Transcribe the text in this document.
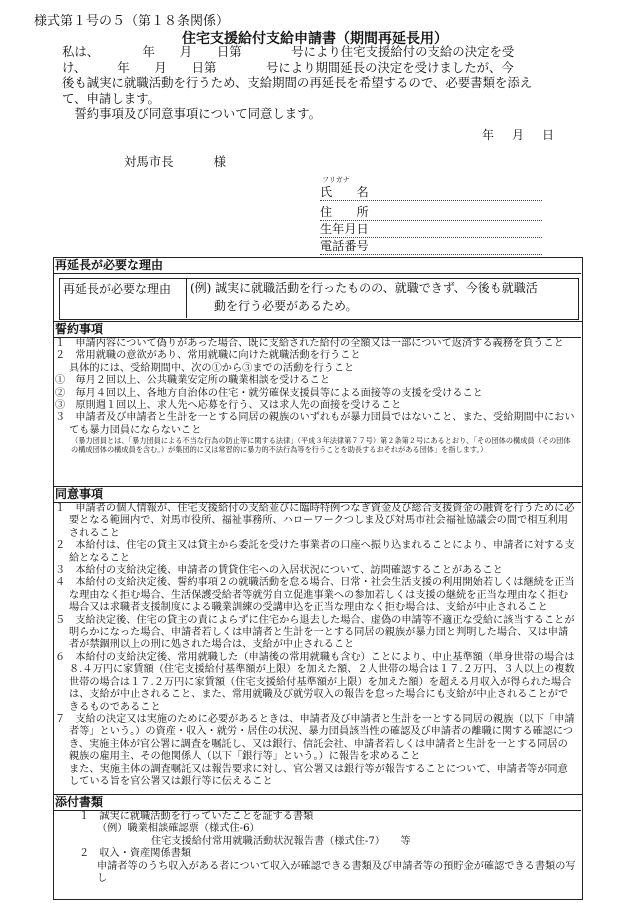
様式第１号の５（第１８条関係）
住宅支援給付支給申請書（期間再延長用）

私は、　　　　年　　月　　日第　　　　号により住宅支援給付の支給の決定を受

け、　　　年　　月　　日第　　　　号により期間延長の決定を受けましたが、今

後も誠実に就職活動を行うため、支給期間の再延長を希望するので、必要書類を添え

て、申請します。

誓約事項及び同意事項について同意します。

年 月 日
対馬市長	様
フリガナ
氏　　名
住　　所
生年月日
電話番号
再延長が必要な理由
再延長が必要な理由	(例) 誠実に就職活動を行ったものの、就職できず、今後も就職活
動を行う必要があるため。
誓約事項

１　申請内容について偽りがあった場合、既に支給された給付の全額又は一部について返済する義務を負うこと

２　常用就職の意欲があり、常用就職に向けた就職活動を行うこと

具体的には、受給期間中、次の①から③までの活動を行うこと

①　毎月２回以上、公共職業安定所の職業相談を受けること

②　毎月４回以上、各地方自治体の住宅・就労確保支援員等による面接等の支援を受けること

③　原則週１回以上、求人先へ応募を行う、又は求人先の面接を受けること

３　申請者及び申請者と生計を一とする同居の親族のいずれもが暴力団員ではないこと、また、受給期間中においても暴力団員にならないこと

（暴力団員とは、「暴力団員による不当な行為の防止等に関する法律」（平成３年法律第７７号）第２条第２号にあるとおり、「その団体の構成員（その団体の構成団体の構成員を含む。）が集団的に又は常習的に暴力的不法行為等を行うことを助長するおそれがある団体」を指します。）

同意事項

１　申請者の個人情報が、住宅支援給付の支給並びに臨時特例つなぎ資金及び総合支援資金の融資を行うために必要となる範囲内で、対馬市役所、福祉事務所、ハローワークつしま及び対馬市社会福祉協議会の間で相互利用されること

２　本給付は、住宅の貸主又は貸主から委託を受けた事業者の口座へ振り込まれることにより、申請者に対する支給となること

３　本給付の支給決定後、申請者の賃貸住宅への入居状況について、訪問確認することがあること

４　本給付の支給決定後、誓約事項２の就職活動を怠る場合、日常・社会生活支援の利用開始若しくは継続を正当な理由なく拒む場合、生活保護受給者等就労自立促進事業への参加若しくは支援の継続を正当な理由なく拒む場合又は求職者支援制度による職業訓練の受講申込を正当な理由なく拒む場合は、支給が中止されること

５　支給決定後、住宅の貸主の責によらずに住宅から退去した場合、虚偽の申請等不適正な受給に該当することが明らかになった場合、申請者若しくは申請者と生計を一とする同居の親族が暴力団と判明した場合、又は申請者が禁錮刑以上の刑に処された場合は、支給が中止されること

６　本給付の支給決定後、常用就職した（申請後の常用就職も含む）ことにより、中止基準額（単身世帯の場合は８.４万円に家賃額（住宅支援給付基準額が上限）を加えた額、２人世帯の場合は１７.２万円、３人以上の複数世帯の場合は１７.２万円に家賃額（住宅支援給付基準額が上限）を加えた額）を超える月収入が得られた場合は、支給が中止されること、また、常用就職及び就労収入の報告を怠った場合にも支給が中止されることができるものであること

７　支給の決定又は実施のために必要があるときは、申請者及び申請者と生計を一とする同居の親族（以下「申請者等」という。）の資産・収入・就労・居住の状況、暴力団員該当性の確認及び申請者の離職に関する確認につき、実施主体が官公署に調査を嘱託し、又は銀行、信託会社、申請者若しくは申請者と生計を一とする同居の親族の雇用主、その他関係人（以下「銀行等」という。）に報告を求めること

また、実施主体の調査嘱託又は報告要求に対し、官公署又は銀行等が報告することについて、申請者等が同意している旨を官公署又は銀行等に伝えること

添付書類

１　誠実に就職活動を行っていたことを証する書類

（例）職業相談確認票（様式住-6）

住宅支援給付常用就職活動状況報告書（様式住-7）　　等

２　収入・資産関係書類

申請者等のうち収入がある者について収入が確認できる書類及び申請者等の預貯金が確認できる書類の写し
